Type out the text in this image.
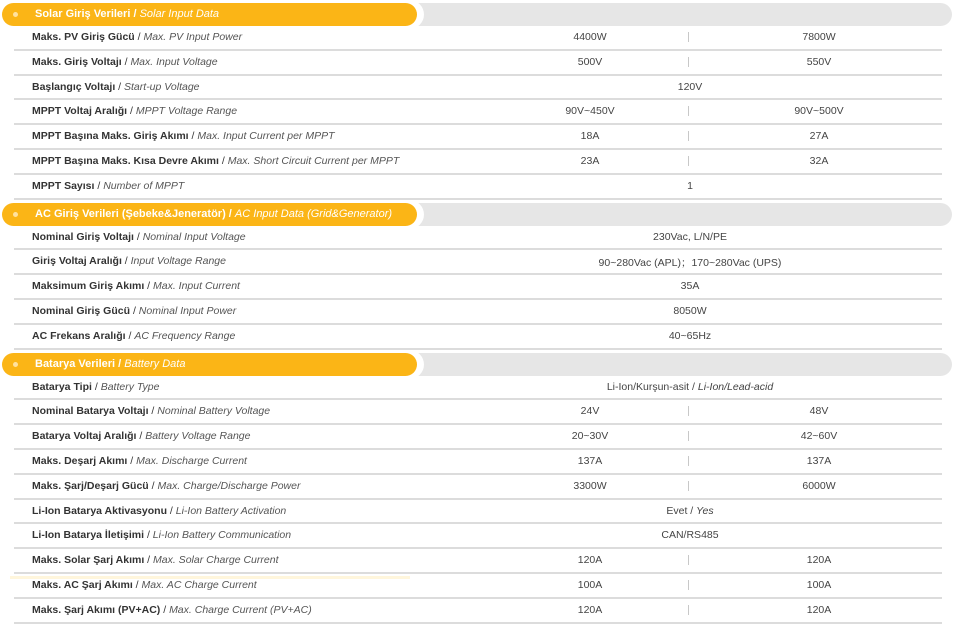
Solar Giriş Verileri / Solar Input Data
Maks. PV Giriş Gücü / Max. PV Input Power	4400W	7800W
Maks. Giriş Voltajı / Max. Input Voltage	500V	550V
Başlangıç Voltajı / Start-up Voltage	120V
MPPT Voltaj Aralığı / MPPT Voltage Range	90V~450V	90V~500V
MPPT Başına Maks. Giriş Akımı / Max. Input Current per MPPT	18A	27A
MPPT Başına Maks. Kısa Devre Akımı / Max. Short Circuit Current per MPPT	23A	32A
MPPT Sayısı / Number of MPPT	1
AC Giriş Verileri (Şebeke&Jeneratör) / AC Input Data (Grid&Generator)
Nominal Giriş Voltajı / Nominal Input Voltage	230Vac, L/N/PE
Giriş Voltaj Aralığı / Input Voltage Range	90~280Vac (APL)；170~280Vac (UPS)
Maksimum Giriş Akımı / Max. Input Current	35A
Nominal Giriş Gücü / Nominal Input Power	8050W
AC Frekans Aralığı / AC Frequency Range	40~65Hz
Batarya Verileri / Battery Data
Batarya Tipi / Battery Type	Li-Ion/Kurşun-asit / Li-Ion/Lead-acid
Nominal Batarya Voltajı / Nominal Battery Voltage	24V	48V
Batarya Voltaj Aralığı / Battery Voltage Range	20~30V	42~60V
Maks. Deşarj Akımı / Max. Discharge Current	137A	137A
Maks. Şarj/Deşarj Gücü / Max. Charge/Discharge Power	3300W	6000W
Li-Ion Batarya Aktivasyonu / Li-Ion Battery Activation	Evet / Yes
Li-Ion Batarya İletişimi / Li-Ion Battery Communication	CAN/RS485
Maks. Solar Şarj Akımı / Max. Solar Charge Current	120A	120A
Maks. AC Şarj Akımı / Max. AC Charge Current	100A	100A
Maks. Şarj Akımı (PV+AC) / Max. Charge Current (PV+AC)	120A	120A
